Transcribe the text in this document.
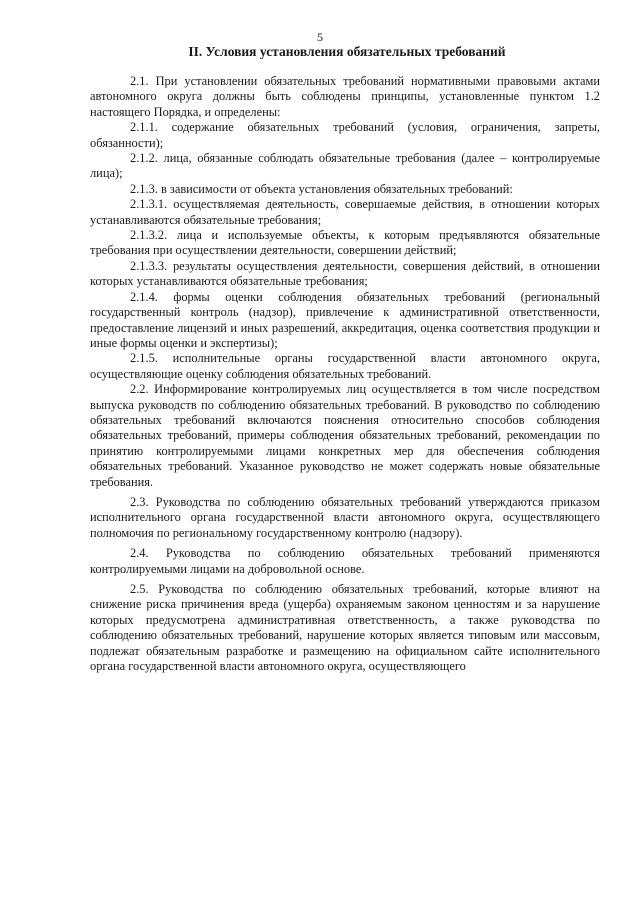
5
II. Условия установления обязательных требований

2.1. При установлении обязательных требований нормативными правовыми актами автономного округа должны быть соблюдены принципы, установленные пунктом 1.2 настоящего Порядка, и определены:

2.1.1. содержание обязательных требований (условия, ограничения, запреты, обязанности);

2.1.2. лица, обязанные соблюдать обязательные требования (далее – контролируемые лица);

2.1.3. в зависимости от объекта установления обязательных требований:

2.1.3.1. осуществляемая деятельность, совершаемые действия, в отношении которых устанавливаются обязательные требования;

2.1.3.2. лица и используемые объекты, к которым предъявляются обязательные требования при осуществлении деятельности, совершении действий;

2.1.3.3. результаты осуществления деятельности, совершения действий, в отношении которых устанавливаются обязательные требования;

2.1.4. формы оценки соблюдения обязательных требований (региональный государственный контроль (надзор), привлечение к административной ответственности, предоставление лицензий и иных разрешений, аккредитация, оценка соответствия продукции и иные формы оценки и экспертизы);

2.1.5. исполнительные органы государственной власти автономного округа, осуществляющие оценку соблюдения обязательных требований.

2.2. Информирование контролируемых лиц осуществляется в том числе посредством выпуска руководств по соблюдению обязательных требований. В руководство по соблюдению обязательных требований включаются пояснения относительно способов соблюдения обязательных требований, примеры соблюдения обязательных требований, рекомендации по принятию контролируемыми лицами конкретных мер для обеспечения соблюдения обязательных требований. Указанное руководство не может содержать новые обязательные требования.

2.3. Руководства по соблюдению обязательных требований утверждаются приказом исполнительного органа государственной власти автономного округа, осуществляющего полномочия по региональному государственному контролю (надзору).

2.4. Руководства по соблюдению обязательных требований применяются контролируемыми лицами на добровольной основе.

2.5. Руководства по соблюдению обязательных требований, которые влияют на снижение риска причинения вреда (ущерба) охраняемым законом ценностям и за нарушение которых предусмотрена административная ответственность, а также руководства по соблюдению обязательных требований, нарушение которых является типовым или массовым, подлежат обязательным разработке и размещению на официальном сайте исполнительного органа государственной власти автономного округа, осуществляющего
